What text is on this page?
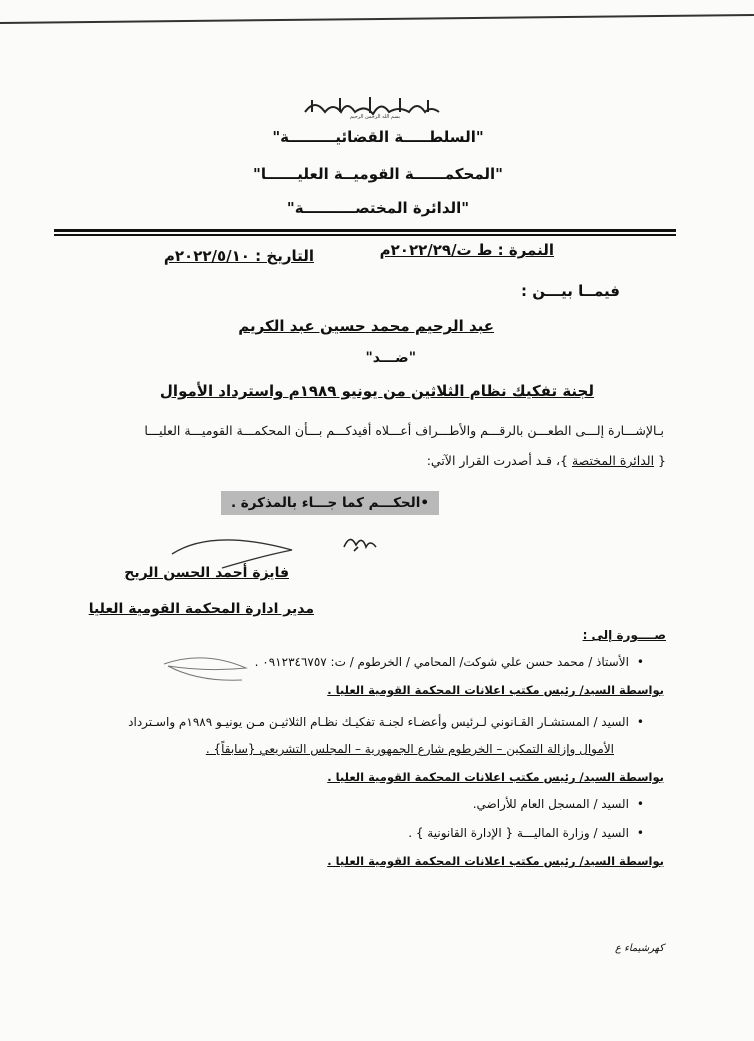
بسم الله الرحمن الرحيم
"السلطـــــة القضائيـــــــــة"
"المحكمــــــة القوميــة العليــــــا"
"الدائرة المختصــــــــــة"
النمرة : ط ت/٢٠٢٢/٢٩م
التاريخ : ٢٠٢٢/٥/١٠م
فيمــا بيـــن :
عبد الرحيم محمد حسين عبد الكريم
"ضـــد"
لجنة تفكيك نظام الثلاثين من يونيو ١٩٨٩م واسترداد الأموال
بـالإشـــارة إلـــى الطعـــن بالرقـــم والأطـــراف أعـــلاه أفيدكـــم بـــأن المحكمـــة القوميـــة العليـــا
{ الدائرة المختصة }، قـد أصدرت القرار الآتي:
•الحكـــم كما جـــاء بالمذكرة .
فايزة أحمد الحسن الريح
مدير ادارة المحكمة القومية العليا
صــــورة إلى :
• الأستاذ / محمد حسن علي شوكت/ المحامي / الخرطوم / ت: ٠٩١٢٣٤٦٧٥٧ .
بواسطة السيد/ رئيس مكتب اعلانات المحكمة القومية العليا .
• السيد / المستشـار القـانوني لـرئيس وأعضـاء لجنـة تفكيـك نظـام الثلاثيـن مـن يونيـو ١٩٨٩م واسـترداد
الأموال وإزالة التمكين – الخرطوم شارع الجمهورية – المجلس التشريعي {سابقاً} .
بواسطة السيد/ رئيس مكتب اعلانات المحكمة القومية العليا .
• السيد / المسجل العام للأراضي.
• السيد / وزارة الماليـــة { الإدارة القانونية } .
بواسطة السيد/ رئيس مكتب اعلانات المحكمة القومية العليا .
كهرشيماء ع
